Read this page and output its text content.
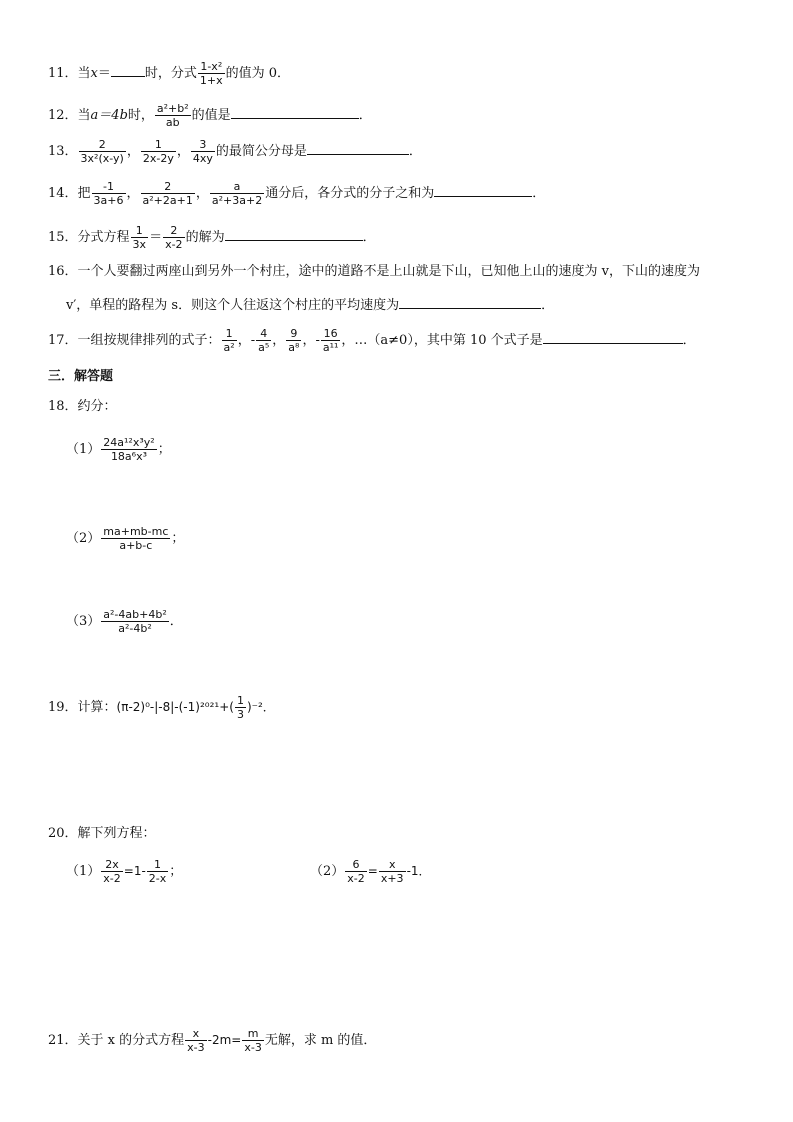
11．当x＝	时，分式 $\frac{\text{1-x²}}{1+x}$ 的值为 0．
12．当a＝4b时， $\frac{\text{a²+b²}}{ab}$ 的值是	．
13． $\frac{2}{\text{3x²(x-y)}}$ ， $\frac{1}{2x-2y}$ ， $\frac{3}{4xy}$ 的最简公分母是	．
14．把 $\frac{-1}{3a+6}$ ， $\frac{2}{\text{a²+2a+1}}$ ， $\frac{a}{\text{a²+3a+2}}$ 通分后，各分式的分子之和为	．
15．分式方程 $\frac{1}{3x} = \frac{2}{x-2}$ 的解为	．
16．一个人要翻过两座山到另外一个村庄，途中的道路不是上山就是下山，已知他上山的速度为 v，下山的速度为
v′，单程的路程为 s．则这个人往返这个村庄的平均速度为	．
17．一组按规律排列的式子： $\frac{1}{\text{a²}}$ ，- $\frac{4}{\text{a⁵}}$ ， $\frac{9}{\text{a⁸}}$ ，- $\frac{16}{\text{a¹¹}}$ ，…（a≠0），其中第 10 个式子是	．
三．解答题
18．约分：
$(1) \frac{\text{24a¹²x³y²}}{\text{18a⁶x³}}$ ；
$(2) \frac{ma+mb-mc}{a+b-c}$ ；
$(3) \frac{\text{a²-4ab+4b²}}{\text{a²-4b²}}$ ．
19．计算：$(\pi-2)^0-|-8|-(-1)^{2021}+( \frac{1}{3} )^{-2}$．
20．解下列方程：
$(1) \frac{2x}{x-2} =1- \frac{1}{2-x}$ ；	$(2) \frac{6}{x-2} = \frac{x}{x+3} -1$．
21．关于 x 的分式方程 $\frac{x}{x-3} -2m= \frac{m}{x-3}$ 无解，求 m 的值．
